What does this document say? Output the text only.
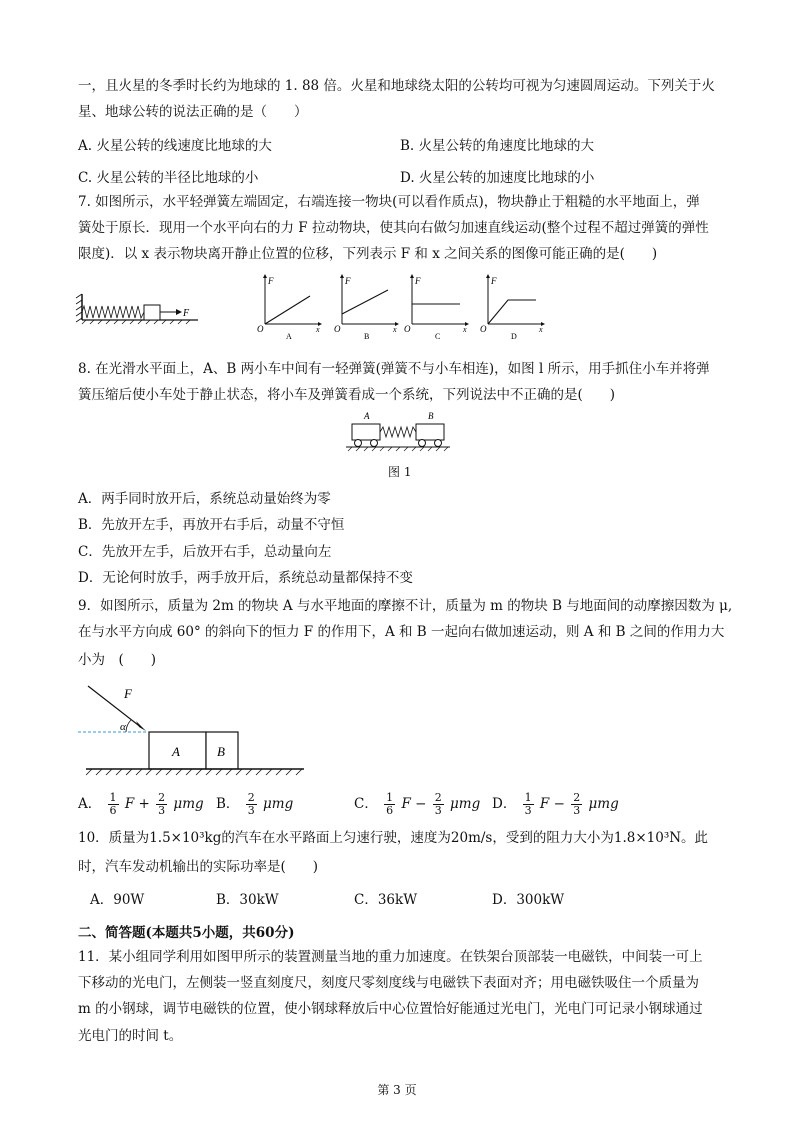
一，且火星的冬季时长约为地球的 1. 88 倍。火星和地球绕太阳的公转均可视为匀速圆周运动。下列关于火
星、地球公转的说法正确的是（　　）
A. 火星公转的线速度比地球的大	B. 火星公转的角速度比地球的大
C. 火星公转的半径比地球的小	D. 火星公转的加速度比地球的小
7. 如图所示，水平轻弹簧左端固定，右端连接一物块(可以看作质点)，物块静止于粗糙的水平地面上，弹
簧处于原长．现用一个水平向右的力 F 拉动物块，使其向右做匀加速直线运动(整个过程不超过弹簧的弹性
限度)．以 x 表示物块离开静止位置的位移，下列表示 F 和 x 之间关系的图像可能正确的是(　　)
F
F
x
O
A
F
x
O
B
F
x
O
C
F
x
O
D
8. 在光滑水平面上，A、B 两小车中间有一轻弹簧(弹簧不与小车相连)，如图 l 所示，用手抓住小车并将弹
簧压缩后使小车处于静止状态，将小车及弹簧看成一个系统，下列说法中不正确的是(　　)
A	B
图 1
A．两手同时放开后，系统总动量始终为零
B．先放开左手，再放开右手后，动量不守恒
C．先放开左手，后放开右手，总动量向左
D．无论何时放手，两手放开后，系统总动量都保持不变
9．如图所示，质量为 2m 的物块 A 与水平地面的摩擦不计，质量为 m 的物块 B 与地面间的动摩擦因数为 μ,
在与水平方向成 60° 的斜向下的恒力 F 的作用下，A 和 B 一起向右做加速运动，则 A 和 B 之间的作用力大
小为　(　　)
F
α
A	B
A． $\frac{1}{6}$ $F + \frac{2}{3}$ μmg B． $\frac{2}{3}$ μmg	C． $\frac{1}{6}$ $F - \frac{2}{3}$ μmg D． $\frac{1}{3}$ $F - \frac{2}{3}$ μmg
10．质量为1.5×10³kg的汽车在水平路面上匀速行驶，速度为20m/s，受到的阻力大小为1.8×10³N。此
时，汽车发动机输出的实际功率是(　　)
A．90W	B．30kW	C．36kW	D．300kW
二、简答题(本题共5小题，共60分)
11．某小组同学利用如图甲所示的装置测量当地的重力加速度。在铁架台顶部装一电磁铁，中间装一可上
下移动的光电门，左侧装一竖直刻度尺，刻度尺零刻度线与电磁铁下表面对齐；用电磁铁吸住一个质量为
m 的小钢球，调节电磁铁的位置，使小钢球释放后中心位置恰好能通过光电门，光电门可记录小钢球通过
光电门的时间 t。
第 3 页
